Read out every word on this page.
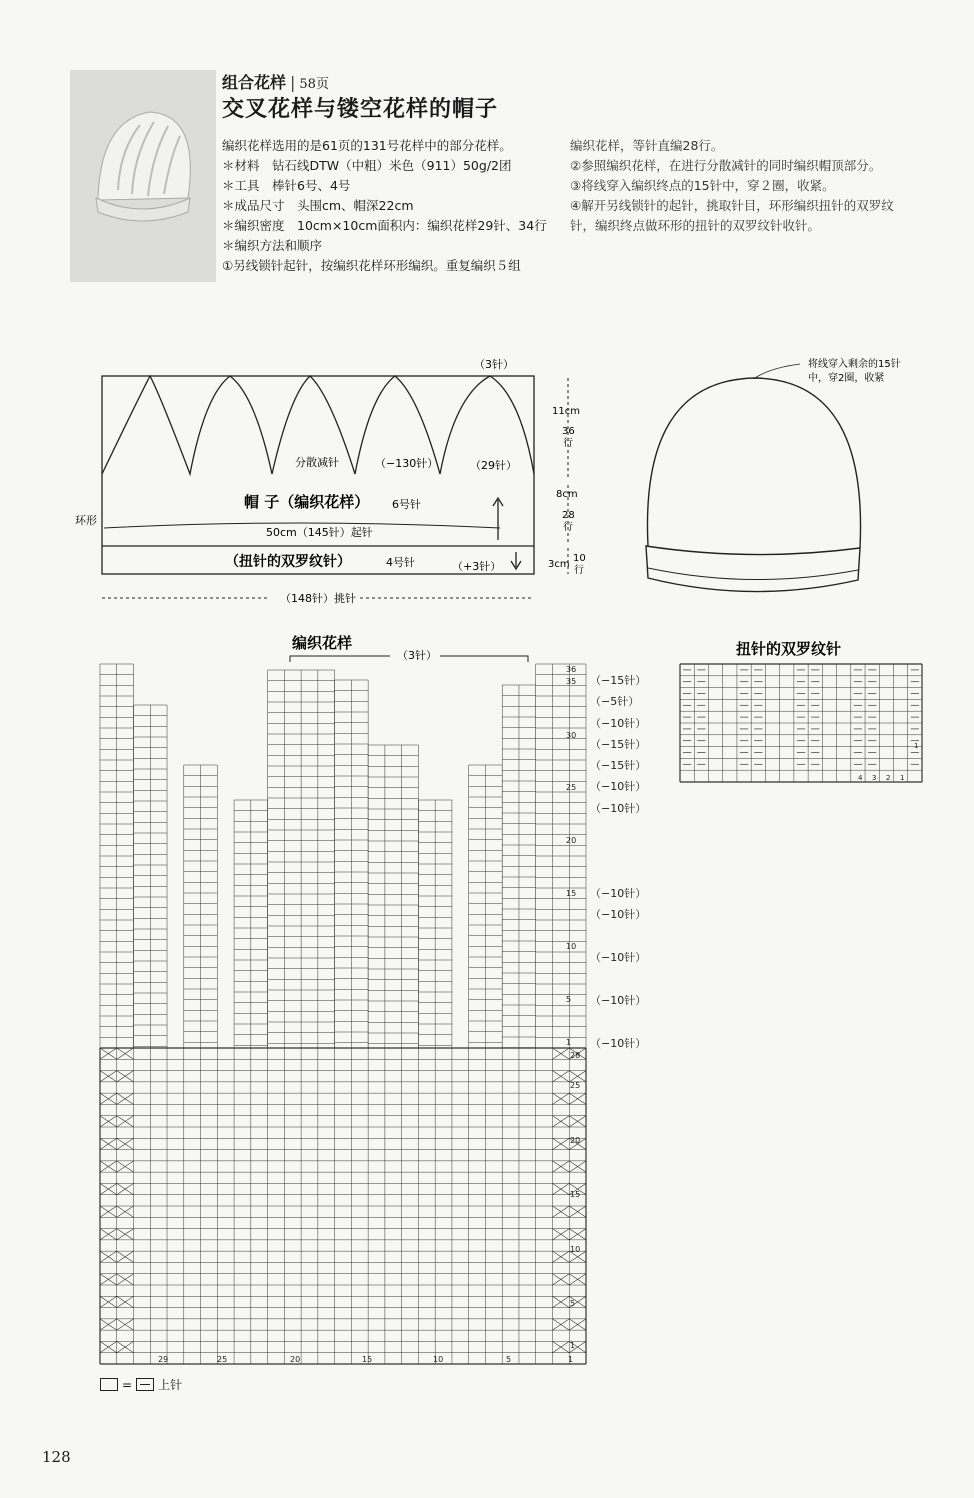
组合花样 | 58页
交叉花样与镂空花样的帽子

编织花样选用的是61页的131号花样中的部分花样。

＊材料　钻石线DTW（中粗）米色（911）50g/2团

＊工具　棒针6号、4号

＊成品尺寸　头围cm、帽深22cm

＊编织密度　10cm×10cm面积内：编织花样29针、34行

＊编织方法和顺序

①另线锁针起针，按编织花样环形编织。重复编织５组

编织花样，等针直编28行。

②参照编织花样，在进行分散减针的同时编织帽顶部分。

③将线穿入编织终点的15针中，穿２圈，收紧。

④解开另线锁针的起针，挑取针目，环形编织扭针的双罗纹针，编织终点做环形的扭针的双罗纹针收针。

（3针）
分散减针	（−130针）	（29针）
帽 子（编织花样） 6号针
环形
50cm（145针）起针
（扭针的双罗纹针）	4号针	（+3针）
（148针）挑针
11cm
36
行
8cm
28
行
3cm
10
行
将线穿入剩余的15针
中，穿2圈，收紧
编织花样
（3针）
36
35
30
25
20
15
10
5
1
28
25
20
15
10
5
1
29	25	20	15	10	5	1
（−15针）
（−5针）
（−10针）
（−15针）
（−15针）
（−10针）
（−10针）
（−10针）
（−10针）
（−10针）
（−10针）
（−10针）
扭针的双罗纹针
4 3 2 1
1
= 上针
128
